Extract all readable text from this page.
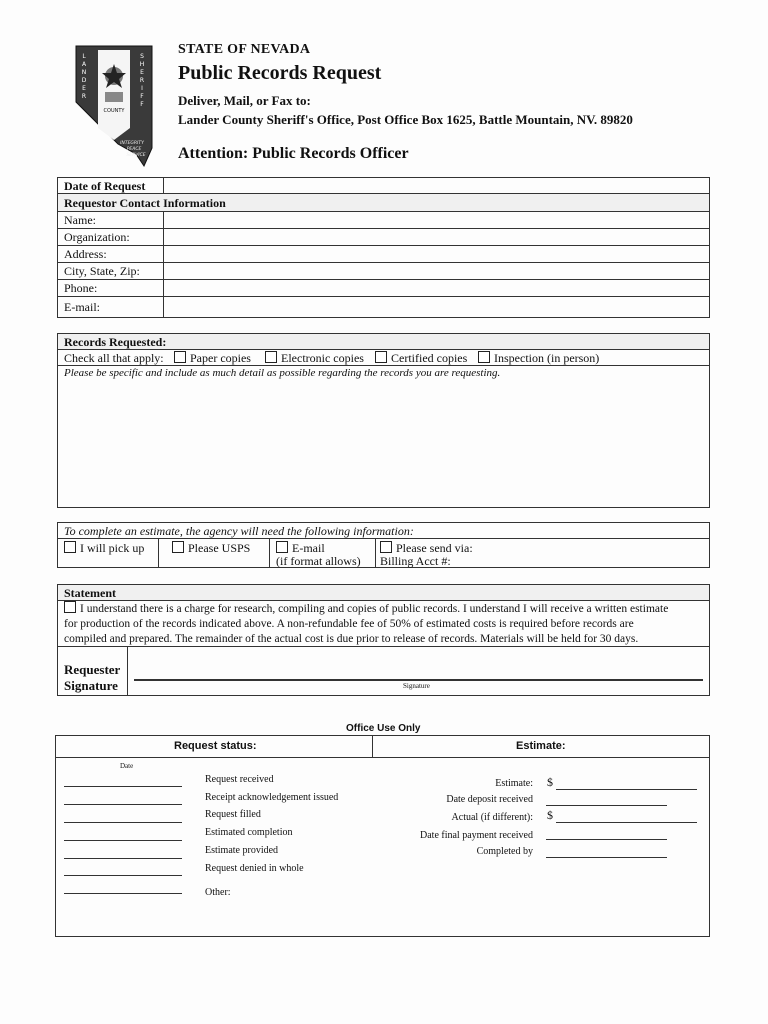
L
A
N
D
E
R
S
H
E
R
I
F
F
COUNTY
INTEGRITY
PEACE
SERVICE
STATE OF NEVADA
Public Records Request
Deliver, Mail, or Fax to:
Lander County Sheriff's Office, Post Office Box 1625, Battle Mountain, NV. 89820
Attention: Public Records Officer
Date of Request
Requestor Contact Information
Name:
Organization:
Address:
City, State, Zip:
Phone:
E-mail:
Records Requested:
Check all that apply:	Paper copies	Electronic copies	Certified copies	Inspection (in person)
Please be specific and include as much detail as possible regarding the records you are requesting.
To complete an estimate, the agency will need the following information:
I will pick up	Please USPS	E-mail
(if format allows)
Please send via:
Billing Acct #:
Statement
I understand there is a charge for research, compiling and copies of public records. I understand I will receive a written estimate
for production of the records indicated above. A non-refundable fee of 50% of estimated costs is required before records are
compiled and prepared. The remainder of the actual cost is due prior to release of records. Materials will be held for 30 days.
Requester
Signature	Signature
Office Use Only
Request status:	Estimate:
Date
Request received
Receipt acknowledgement issued
Request filled
Estimated completion
Estimate provided
Request denied in whole
Other:
Estimate: $
Date deposit received
Actual (if different): $
Date final payment received
Completed by
